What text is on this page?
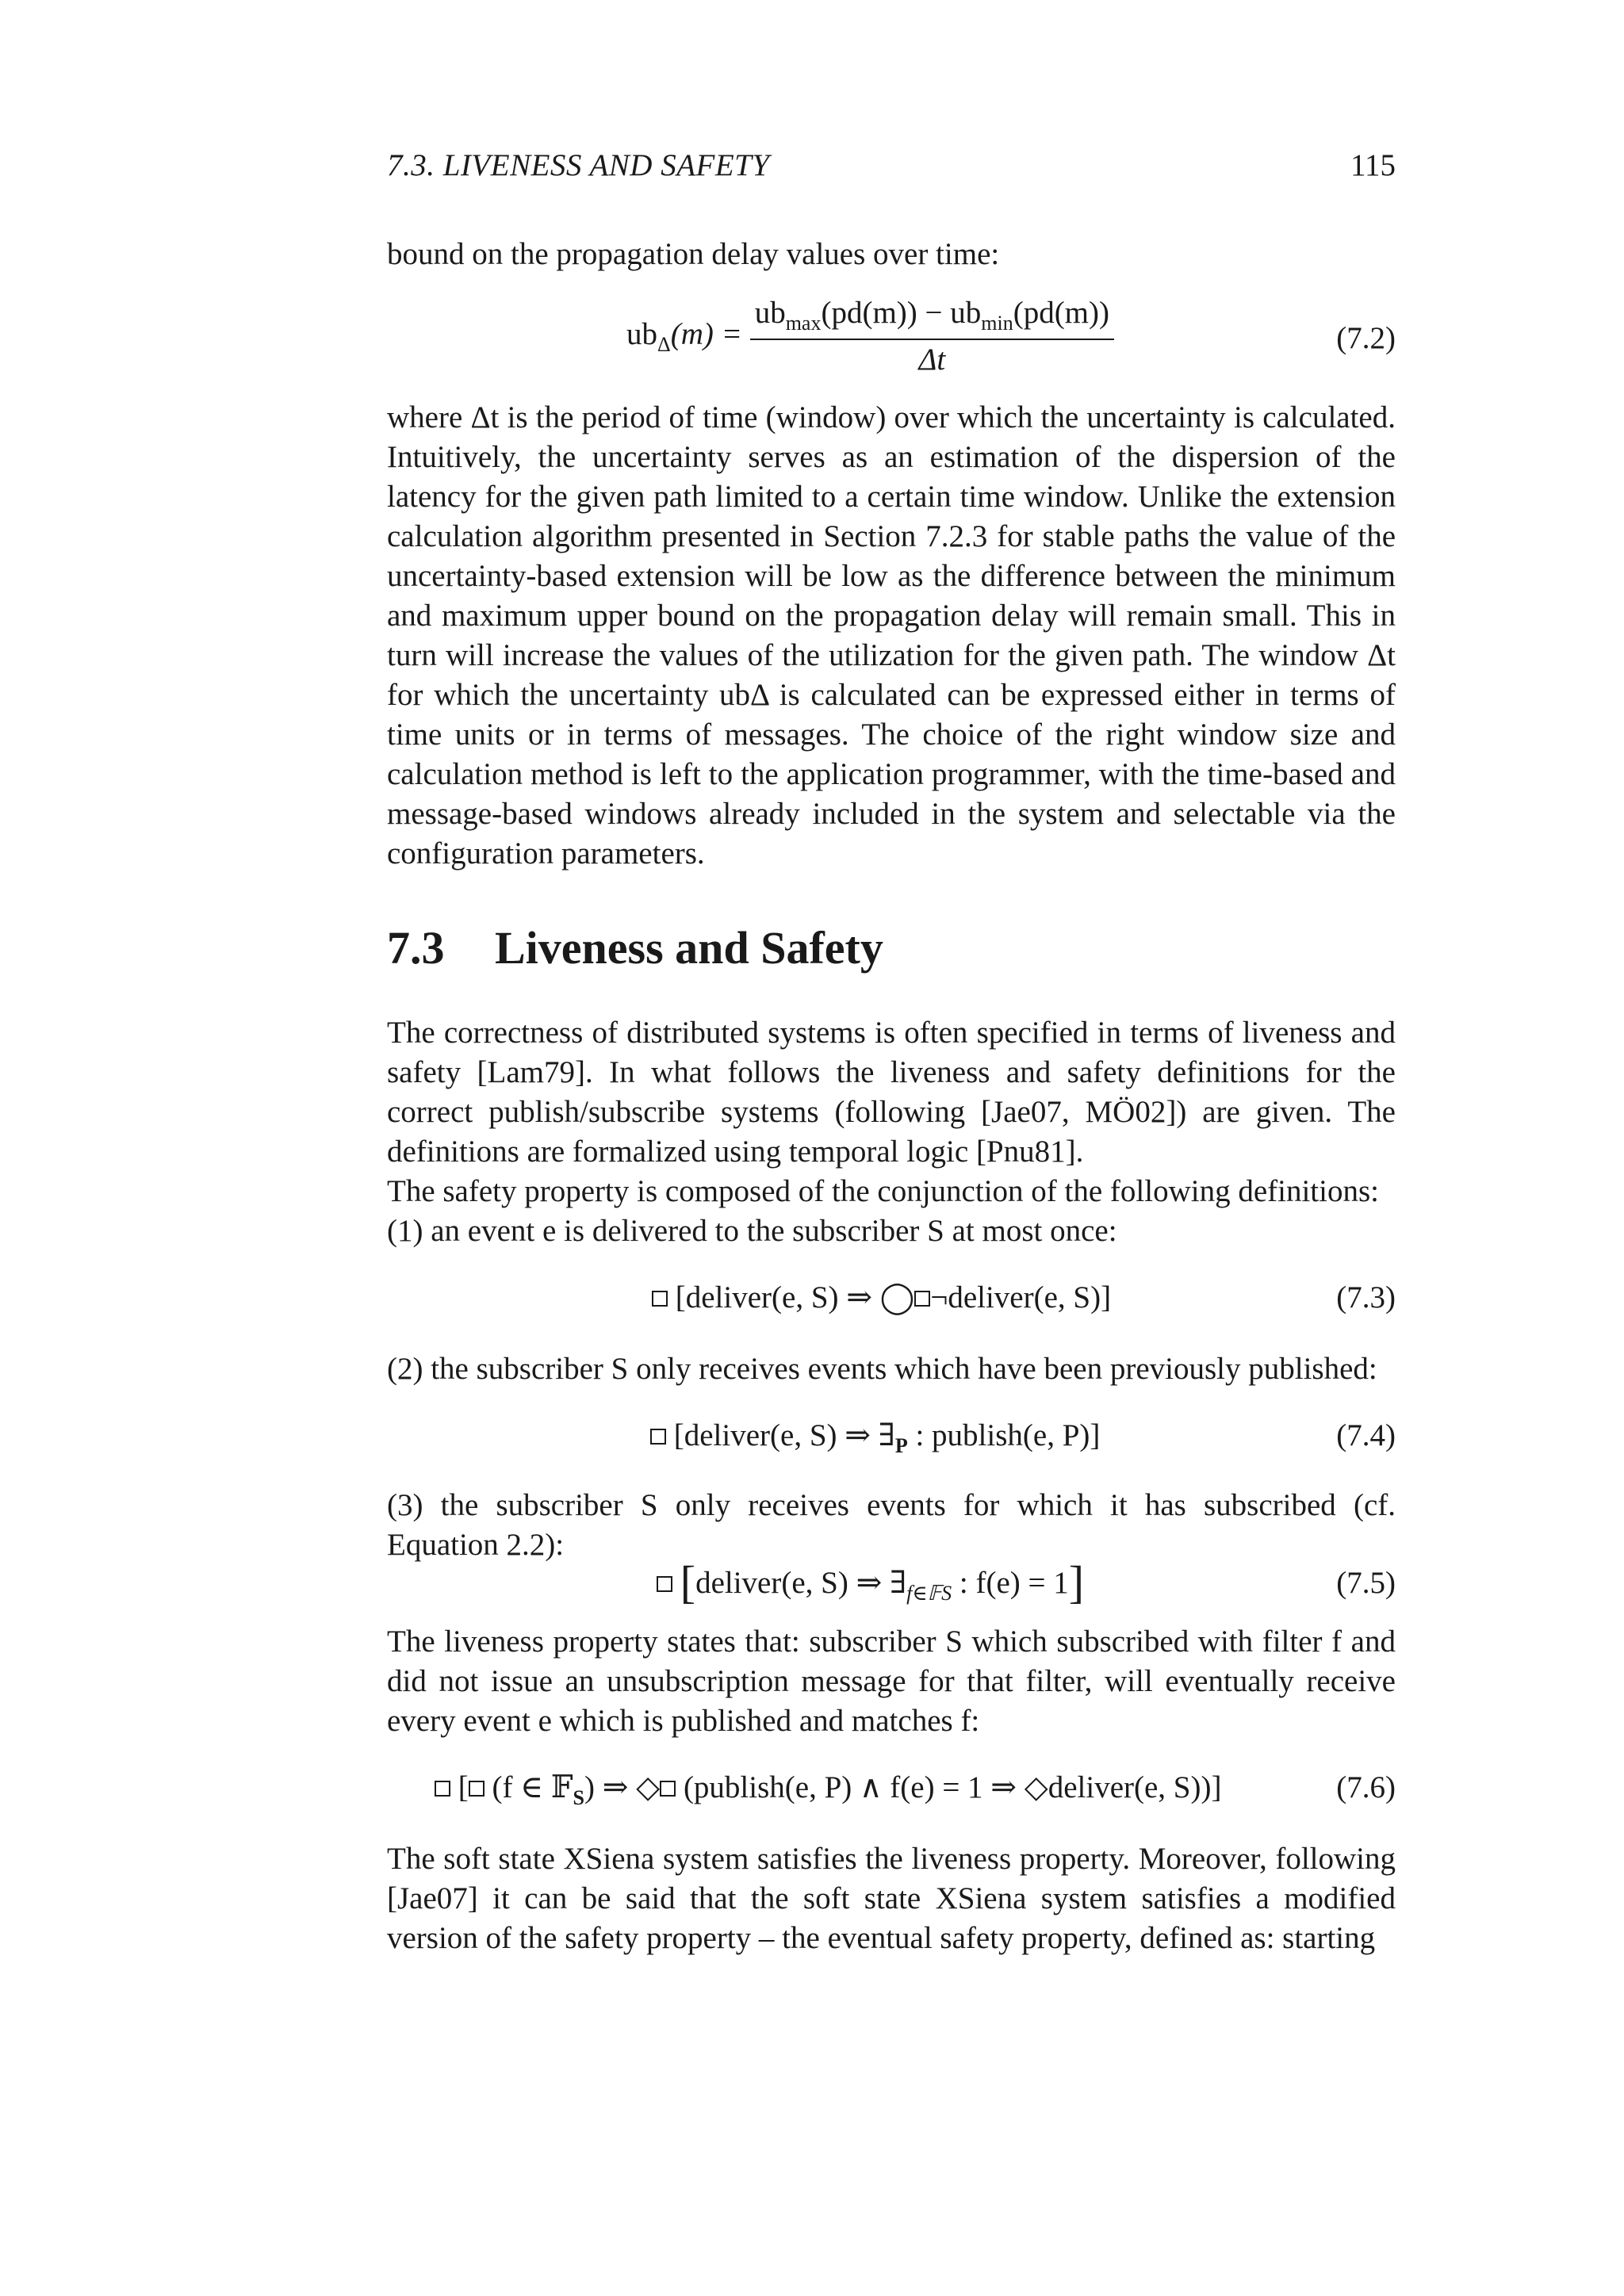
7.3. LIVENESS AND SAFETY	115

bound on the propagation delay values over time:

$ub_\Delta(m) = \frac{ub_{max}(pd(m)) - ub_{min}(pd(m))}{\Delta t}$	(7.2)

where Δt is the period of time (window) over which the uncertainty is calculated. Intuitively, the uncertainty serves as an estimation of the dispersion of the latency for the given path limited to a certain time window. Unlike the extension calculation algorithm presented in Section 7.2.3 for stable paths the value of the uncertainty-based extension will be low as the difference between the minimum and maximum upper bound on the propagation delay will remain small. This in turn will increase the values of the utilization for the given path. The window Δt for which the uncertainty ubΔ is calculated can be expressed either in terms of time units or in terms of messages. The choice of the right window size and calculation method is left to the application programmer, with the time-based and message-based windows already included in the system and selectable via the configuration parameters.

7.3 Liveness and Safety

The correctness of distributed systems is often specified in terms of liveness and safety [Lam79]. In what follows the liveness and safety definitions for the correct publish/subscribe systems (following [Jae07, MÖ02]) are given. The definitions are formalized using temporal logic [Pnu81].

The safety property is composed of the conjunction of the following definitions:

(1) an event e is delivered to the subscriber S at most once:

[deliver(e, S) ⇒ ◯ ¬deliver(e, S)]	(7.3)

(2) the subscriber S only receives events which have been previously published:

[deliver(e, S) ⇒ $\exists_P$ : publish(e, P)]	(7.4)

(3) the subscriber S only receives events for which it has subscribed (cf. Equation 2.2):

[deliver(e, S) ⇒ $\exists_{f\in 𝔽S}$ : f(e) = 1]	(7.5)

The liveness property states that: subscriber S which subscribed with filter f and did not issue an unsubscription message for that filter, will eventually receive every event e which is published and matches f:

[ (f ∈ 𝔽$_S$) ⇒ ◇ (publish(e, P) ∧ f(e) = 1 ⇒ ◇deliver(e, S))]	(7.6)

The soft state XSiena system satisfies the liveness property. Moreover, following [Jae07] it can be said that the soft state XSiena system satisfies a modified version of the safety property – the eventual safety property, defined as: starting
